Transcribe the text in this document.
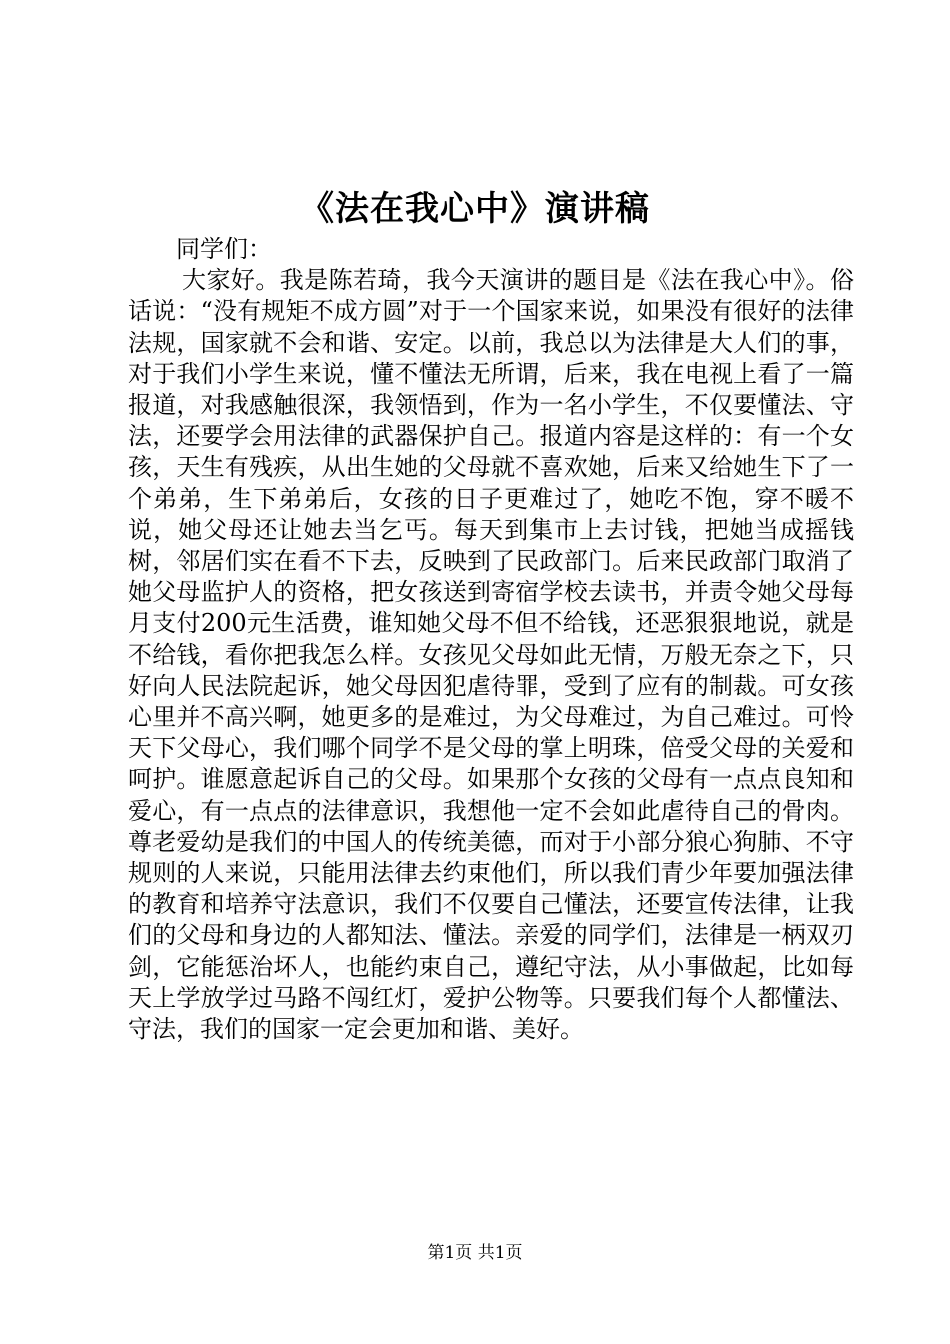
《法在我心中》演讲稿

同学们：

大家好。我是陈若琦，我今天演讲的题目是《法在我心中》。俗话说：“没有规矩不成方圆”对于一个国家来说，如果没有很好的法律法规，国家就不会和谐、安定。以前，我总以为法律是大人们的事，对于我们小学生来说，懂不懂法无所谓，后来，我在电视上看了一篇报道，对我感触很深，我领悟到，作为一名小学生，不仅要懂法、守法，还要学会用法律的武器保护自己。报道内容是这样的：有一个女孩，天生有残疾，从出生她的父母就不喜欢她，后来又给她生下了一个弟弟，生下弟弟后，女孩的日子更难过了，她吃不饱，穿不暖不说，她父母还让她去当乞丐。每天到集市上去讨钱，把她当成摇钱树，邻居们实在看不下去，反映到了民政部门。后来民政部门取消了她父母监护人的资格，把女孩送到寄宿学校去读书，并责令她父母每月支付200元生活费，谁知她父母不但不给钱，还恶狠狠地说，就是不给钱，看你把我怎么样。女孩见父母如此无情，万般无奈之下，只好向人民法院起诉，她父母因犯虐待罪，受到了应有的制裁。可女孩心里并不高兴啊，她更多的是难过，为父母难过，为自己难过。可怜天下父母心，我们哪个同学不是父母的掌上明珠，倍受父母的关爱和呵护。谁愿意起诉自己的父母。如果那个女孩的父母有一点点良知和爱心，有一点点的法律意识，我想他一定不会如此虐待自己的骨肉。尊老爱幼是我们的中国人的传统美德，而对于小部分狼心狗肺、不守规则的人来说，只能用法律去约束他们，所以我们青少年要加强法律的教育和培养守法意识，我们不仅要自己懂法，还要宣传法律，让我们的父母和身边的人都知法、懂法。亲爱的同学们，法律是一柄双刃剑，它能惩治坏人，也能约束自己，遵纪守法，从小事做起，比如每天上学放学过马路不闯红灯，爱护公物等。只要我们每个人都懂法、守法，我们的国家一定会更加和谐、美好。

第1页 共1页
